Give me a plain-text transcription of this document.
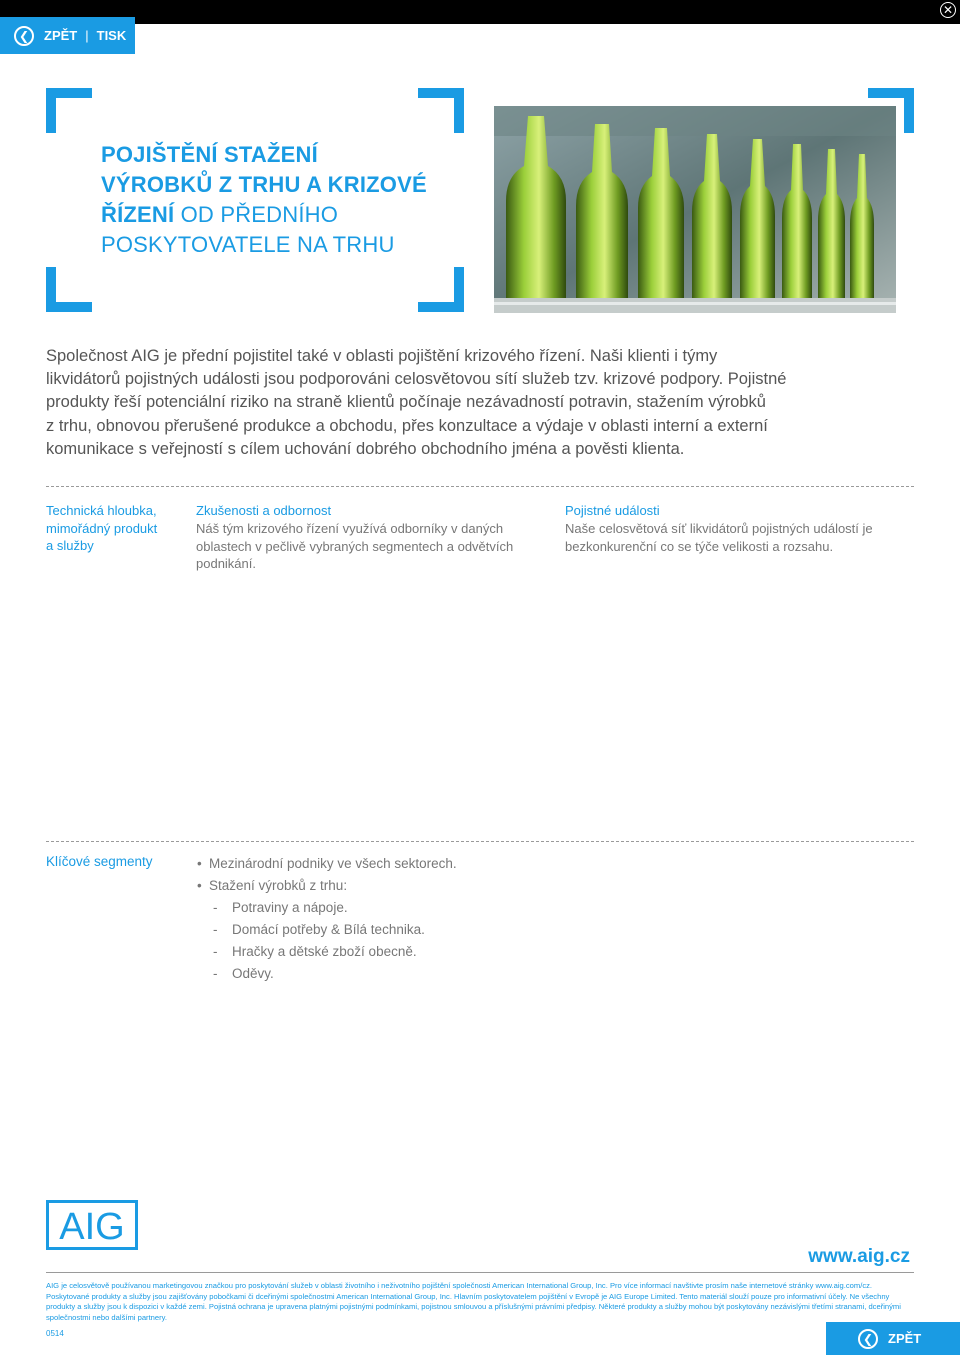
✕
❮	ZPĚT | TISK
POJIŠTĚNÍ STAŽENÍ
VÝROBKŮ Z TRHU A KRIZOVÉ
ŘÍZENÍ OD PŘEDNÍHO
POSKYTOVATELE NA TRHU
Společnost AIG je přední pojistitel také v oblasti pojištění krizového řízení. Naši klienti i týmy
likvidátorů pojistných události jsou podporováni celosvětovou sítí služeb tzv. krizové podpory. Pojistné
produkty řeší potenciální riziko na straně klientů počínaje nezávadností potravin, stažením výrobků
z trhu, obnovou přerušené produkce a obchodu, přes konzultace a výdaje v oblasti interní a externí
komunikace s veřejností s cílem uchování dobrého obchodního jména a pověsti klienta.
Technická hloubka,
mimořádný produkt
a služby
Zkušenosti a odbornost
Náš tým krizového řízení využívá odborníky v daných
oblastech v pečlivě vybraných segmentech a odvětvích
podnikání.
Pojistné události
Naše celosvětová síť likvidátorů pojistných událostí je
bezkonkurenční co se týče velikosti a rozsahu.
Klíčové segmenty	• Mezinárodní podniky ve všech sektorech.
• Stažení výrobků z trhu:
- Potraviny a nápoje.
- Domácí potřeby & Bílá technika.
- Hračky a dětské zboží obecně.
- Oděvy.
AIG
www.aig.cz
AIG je celosvětově používanou marketingovou značkou pro poskytování služeb v oblasti životního i neživotního pojištění společnosti American International Group, Inc. Pro více informací navštivte prosím naše internetové stránky www.aig.com/cz. Poskytované produkty a služby jsou zajišťovány pobočkami či dceřinými společnostmi American International Group, Inc. Hlavním poskytovatelem pojištění v Evropě je AIG Europe Limited. Tento materiál slouží pouze pro informativní účely. Ne všechny produkty a služby jsou k dispozici v každé zemi. Pojistná ochrana je upravena platnými pojistnými podmínkami, pojistnou smlouvou a příslušnými právními předpisy. Některé produkty a služby mohou být poskytovány nezávislými třetími stranami, dceřinými společnostmi nebo dalšími partnery.
0514	❮	ZPĚT
